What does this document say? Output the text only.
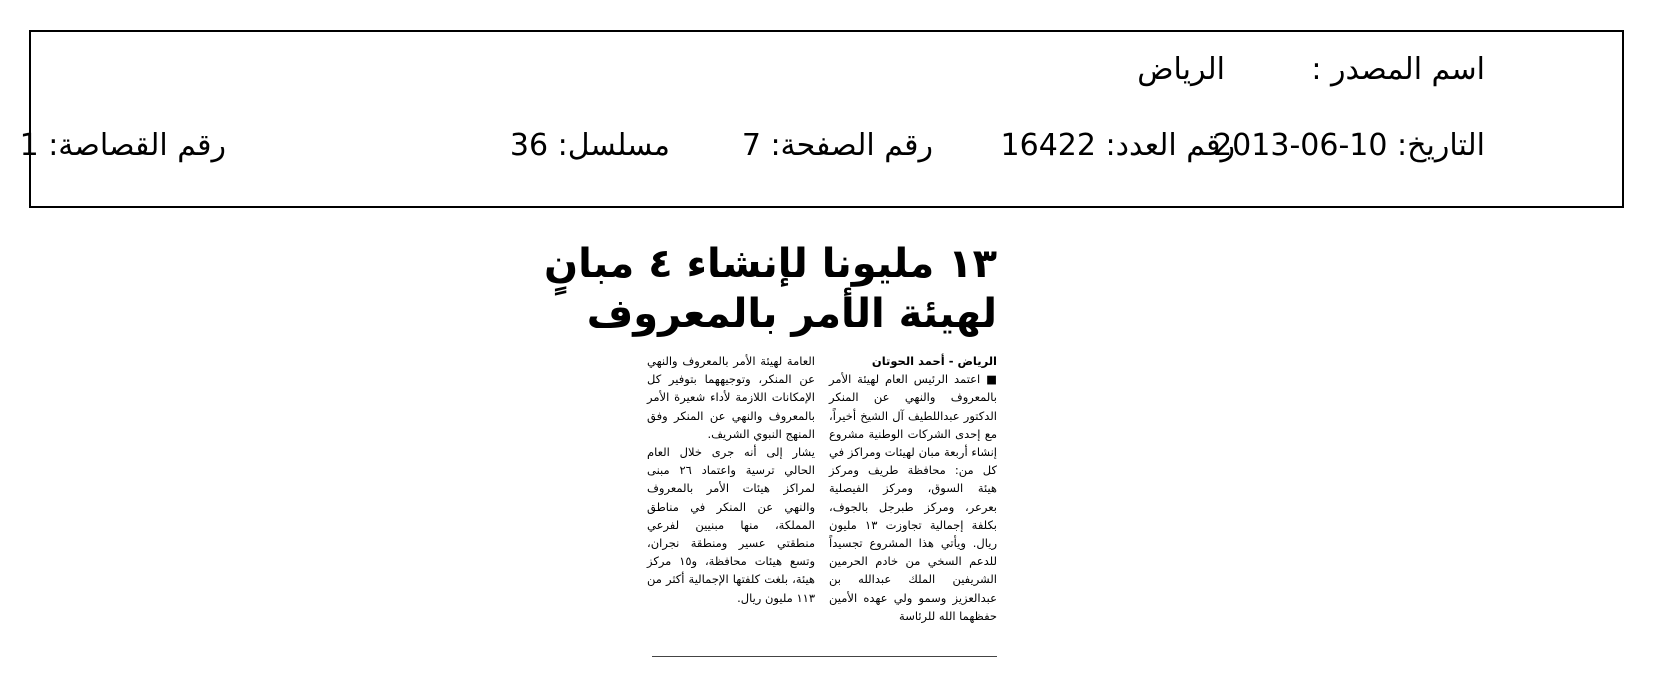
اسم المصدر :
الرياض
التاريخ: 10-06-2013
رقم العدد: 16422
رقم الصفحة: 7
مسلسل: 36
رقم القصاصة: 1
١٣ مليونا لإنشاء ٤ مبانٍ
لهيئة الأمر بالمعروف
الرياض - أحمد الحوتان
■ اعتمد الرئيس العام لهيئة الأمر بالمعروف والنهي عن المنكر الدكتور عبداللطيف آل الشيخ أخيراً، مع إحدى الشركات الوطنية مشروع إنشاء أربعة مبان لهيئات ومراكز في كل من: محافظة طريف ومركز هيئة السوق، ومركز الفيصلية بعرعر، ومركز طبرجل بالجوف، بكلفة إجمالية تجاوزت ١٣ مليون ريال. ويأتي هذا المشروع تجسيداً للدعم السخي من خادم الحرمين الشريفين الملك عبدالله بن عبدالعزيز وسمو ولي عهده الأمين حفظهما الله للرئاسة
العامة لهيئة الأمر بالمعروف والنهي عن المنكر، وتوجيههما بتوفير كل الإمكانات اللازمة لأداء شعيرة الأمر بالمعروف والنهي عن المنكر وفق المنهج النبوي الشريف.
يشار إلى أنه جرى خلال العام الحالي ترسية واعتماد ٢٦ مبنى لمراكز هيئات الأمر بالمعروف والنهي عن المنكر في مناطق المملكة، منها مبنيين لفرعي منطقتي عسير ومنطقة نجران، وتسع هيئات محافظة، و١٥ مركز هيئة، بلغت كلفتها الإجمالية أكثر من ١١٣ مليون ريال.
